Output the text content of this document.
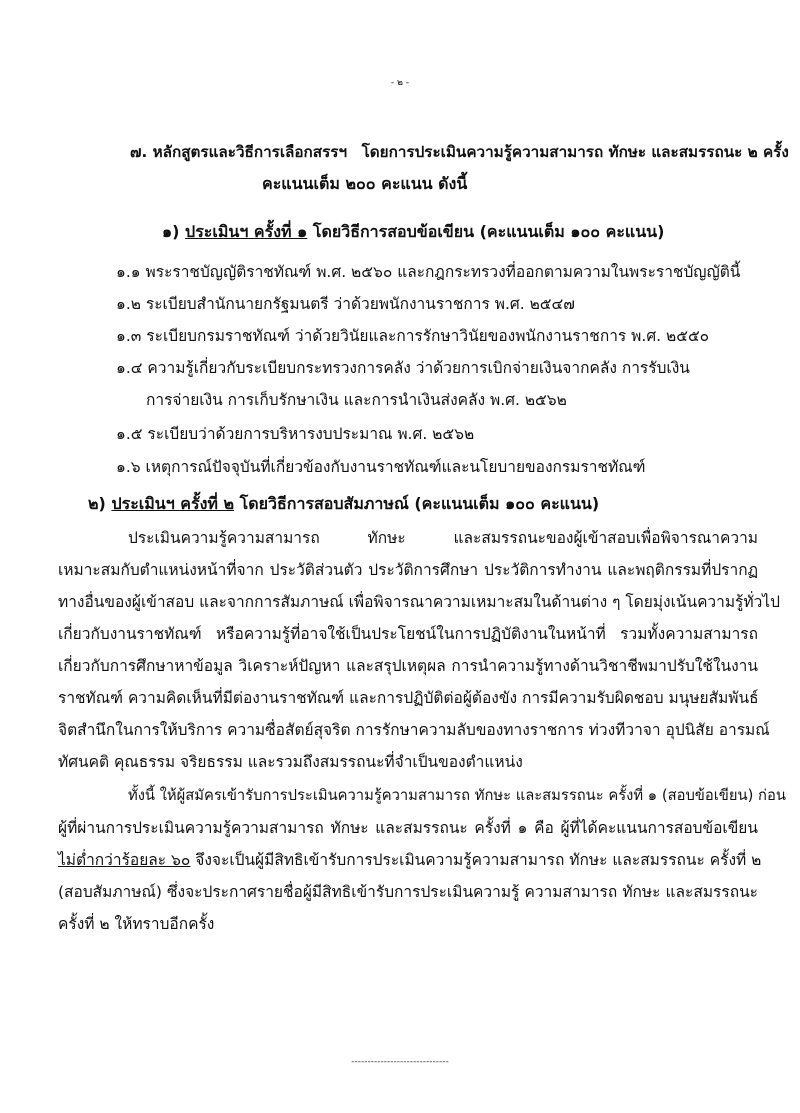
- ๒ -
๗. หลักสูตรและวิธีการเลือกสรรฯ โดยการประเมินความรู้ความสามารถ ทักษะ และสมรรถนะ ๒ ครั้ง
คะแนนเต็ม ๒๐๐ คะแนน ดังนี้
๑) ประเมินฯ ครั้งที่ ๑ โดยวิธีการสอบข้อเขียน (คะแนนเต็ม ๑๐๐ คะแนน)
๑.๑ พระราชบัญญัติราชทัณฑ์ พ.ศ. ๒๕๖๐ และกฎกระทรวงที่ออกตามความในพระราชบัญญัตินี้
๑.๒ ระเบียบสำนักนายกรัฐมนตรี ว่าด้วยพนักงานราชการ พ.ศ. ๒๕๔๗
๑.๓ ระเบียบกรมราชทัณฑ์ ว่าด้วยวินัยและการรักษาวินัยของพนักงานราชการ พ.ศ. ๒๕๕๐
๑.๔ ความรู้เกี่ยวกับระเบียบกระทรวงการคลัง ว่าด้วยการเบิกจ่ายเงินจากคลัง การรับเงิน
การจ่ายเงิน การเก็บรักษาเงิน และการนำเงินส่งคลัง พ.ศ. ๒๕๖๒
๑.๕ ระเบียบว่าด้วยการบริหารงบประมาณ พ.ศ. ๒๕๖๒
๑.๖ เหตุการณ์ปัจจุบันที่เกี่ยวข้องกับงานราชทัณฑ์และนโยบายของกรมราชทัณฑ์
๒) ประเมินฯ ครั้งที่ ๒ โดยวิธีการสอบสัมภาษณ์ (คะแนนเต็ม ๑๐๐ คะแนน)
ประเมินความรู้ความสามารถ ทักษะ และสมรรถนะของผู้เข้าสอบเพื่อพิจารณาความ
เหมาะสมกับตำแหน่งหน้าที่จาก ประวัติส่วนตัว ประวัติการศึกษา ประวัติการทำงาน และพฤติกรรมที่ปรากฏ
ทางอื่นของผู้เข้าสอบ และจากการสัมภาษณ์ เพื่อพิจารณาความเหมาะสมในด้านต่าง ๆ โดยมุ่งเน้นความรู้ทั่วไป
เกี่ยวกับงานราชทัณฑ์ หรือความรู้ที่อาจใช้เป็นประโยชน์ในการปฏิบัติงานในหน้าที่ รวมทั้งความสามารถ
เกี่ยวกับการศึกษาหาข้อมูล วิเคราะห์ปัญหา และสรุปเหตุผล การนำความรู้ทางด้านวิชาชีพมาปรับใช้ในงาน
ราชทัณฑ์ ความคิดเห็นที่มีต่องานราชทัณฑ์ และการปฏิบัติต่อผู้ต้องขัง การมีความรับผิดชอบ มนุษยสัมพันธ์
จิตสำนึกในการให้บริการ ความซื่อสัตย์สุจริต การรักษาความลับของทางราชการ ท่วงทีวาจา อุปนิสัย อารมณ์
ทัศนคติ คุณธรรม จริยธรรม และรวมถึงสมรรถนะที่จำเป็นของตำแหน่ง
ทั้งนี้ ให้ผู้สมัครเข้ารับการประเมินความรู้ความสามารถ ทักษะ และสมรรถนะ ครั้งที่ ๑ (สอบข้อเขียน) ก่อน
ผู้ที่ผ่านการประเมินความรู้ความสามารถ ทักษะ และสมรรถนะ ครั้งที่ ๑ คือ ผู้ที่ได้คะแนนการสอบข้อเขียน
ไม่ต่ำกว่าร้อยละ ๖๐ จึงจะเป็นผู้มีสิทธิเข้ารับการประเมินความรู้ความสามารถ ทักษะ และสมรรถนะ ครั้งที่ ๒
(สอบสัมภาษณ์) ซึ่งจะประกาศรายชื่อผู้มีสิทธิเข้ารับการประเมินความรู้ ความสามารถ ทักษะ และสมรรถนะ
ครั้งที่ ๒ ให้ทราบอีกครั้ง
------------------------------
